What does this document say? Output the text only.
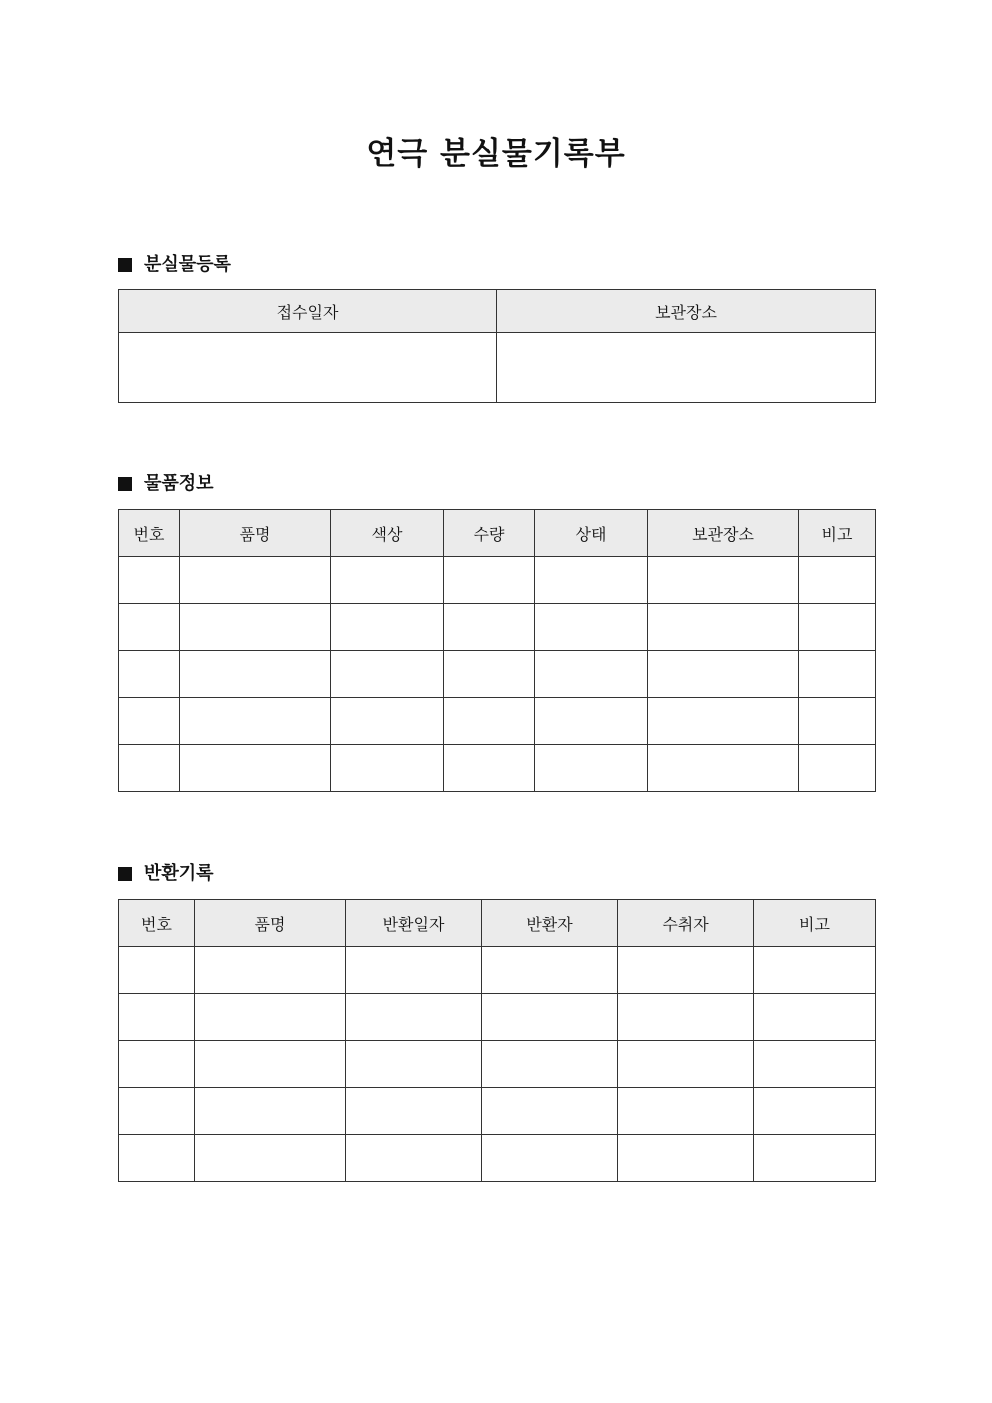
연극 분실물기록부
분실물등록
접수일자	보관장소

물품정보
번호	품명	색상	수량	상태	보관장소	비고

반환기록
번호	품명	반환일자	반환자	수취자	비고
